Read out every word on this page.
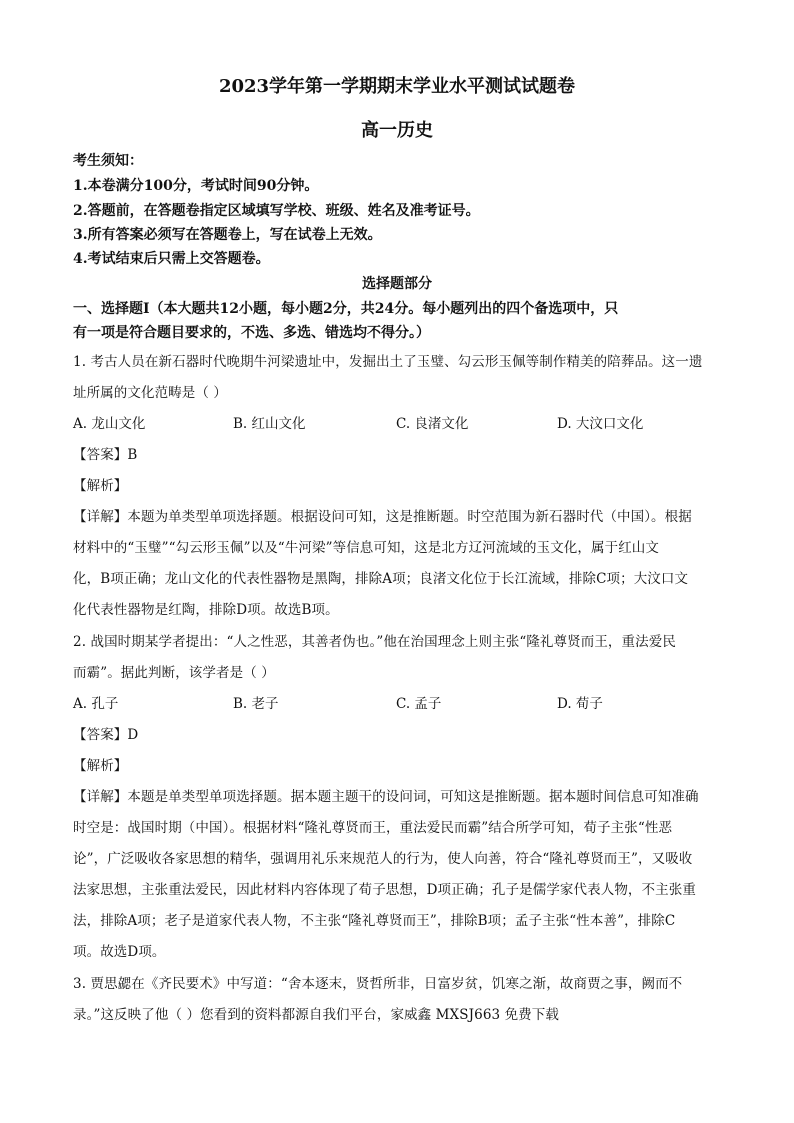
2023学年第一学期期末学业水平测试试题卷
高一历史
考生须知：
1.本卷满分100分，考试时间90分钟。
2.答题前，在答题卷指定区域填写学校、班级、姓名及准考证号。
3.所有答案必须写在答题卷上，写在试卷上无效。
4.考试结束后只需上交答题卷。
选择题部分
一、选择题Ⅰ（本大题共12小题，每小题2分，共24分。每小题列出的四个备选项中，只
有一项是符合题目要求的，不选、多选、错选均不得分。）
1. 考古人员在新石器时代晚期牛河梁遗址中，发掘出土了玉璧、勾云形玉佩等制作精美的陪葬品。这一遗
址所属的文化范畴是（ ）
A. 龙山文化	B. 红山文化	C. 良渚文化	D. 大汶口文化
【答案】B
【解析】
【详解】本题为单类型单项选择题。根据设问可知，这是推断题。时空范围为新石器时代（中国）。根据
材料中的“玉璧”“勾云形玉佩”以及“牛河梁”等信息可知，这是北方辽河流域的玉文化，属于红山文
化，B项正确；龙山文化的代表性器物是黑陶，排除A项；良渚文化位于长江流域，排除C项；大汶口文
化代表性器物是红陶，排除D项。故选B项。
2. 战国时期某学者提出：“人之性恶，其善者伪也。”他在治国理念上则主张“隆礼尊贤而王，重法爱民
而霸”。据此判断，该学者是（ ）
A. 孔子	B. 老子	C. 孟子	D. 荀子
【答案】D
【解析】
【详解】本题是单类型单项选择题。据本题主题干的设问词，可知这是推断题。据本题时间信息可知准确
时空是：战国时期（中国）。根据材料“隆礼尊贤而王，重法爱民而霸”结合所学可知，荀子主张“性恶
论”，广泛吸收各家思想的精华，强调用礼乐来规范人的行为，使人向善，符合“隆礼尊贤而王”，又吸收
法家思想，主张重法爱民，因此材料内容体现了荀子思想，D项正确；孔子是儒学家代表人物，不主张重
法，排除A项；老子是道家代表人物，不主张“隆礼尊贤而王”，排除B项；孟子主张“性本善”，排除C
项。故选D项。
3. 贾思勰在《齐民要术》中写道：“舍本逐末，贤哲所非，日富岁贫，饥寒之渐，故商贾之事，阙而不
录。”这反映了他（ ）您看到的资料都源自我们平台，家威鑫 MXSJ663 免费下载
